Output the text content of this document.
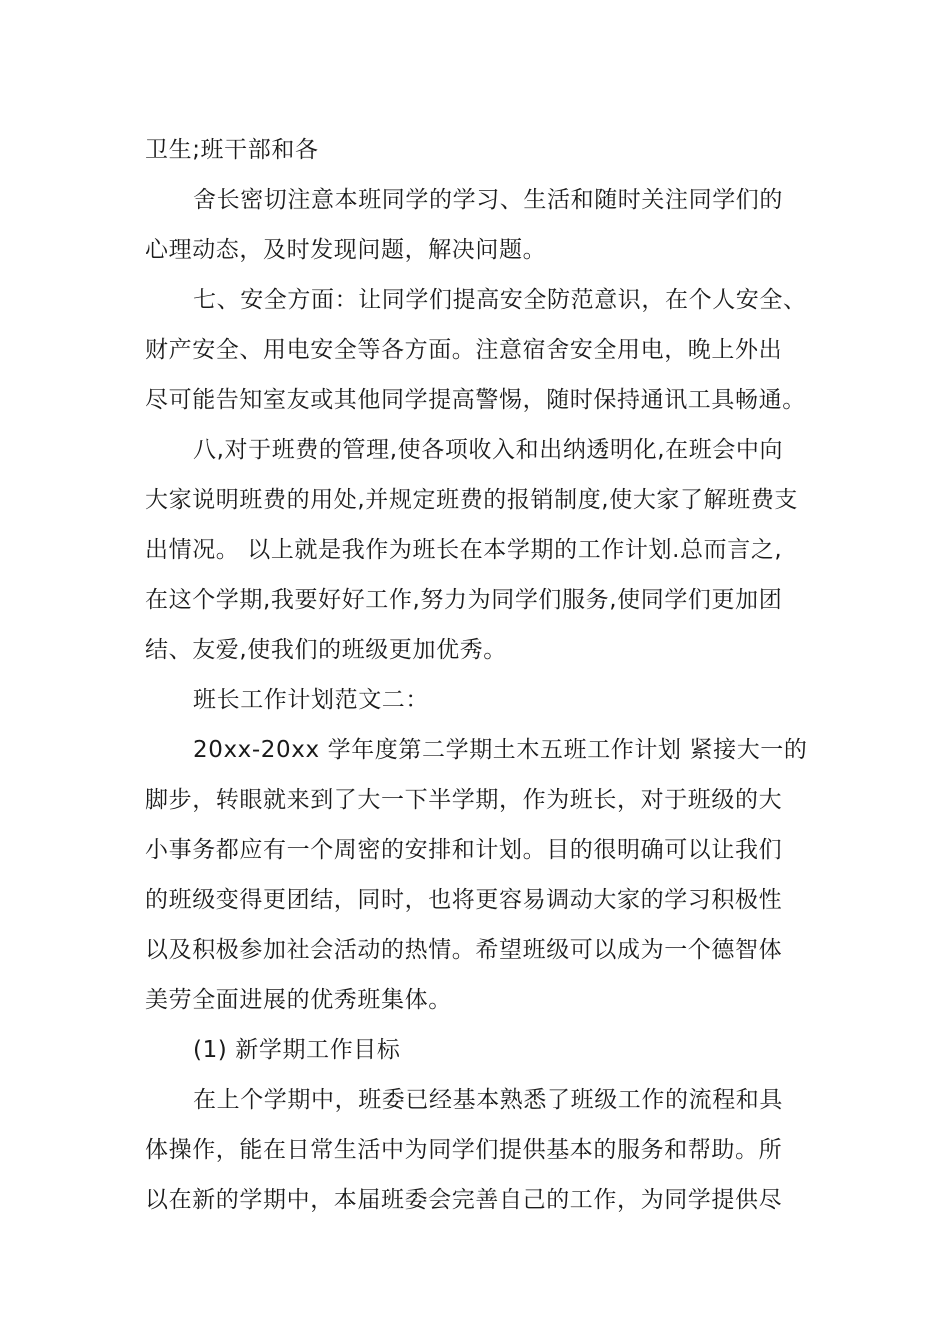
卫生;班干部和各
舍长密切注意本班同学的学习、生活和随时关注同学们的
心理动态，及时发现问题，解决问题。
七、安全方面：让同学们提高安全防范意识，在个人安全、
财产安全、用电安全等各方面。注意宿舍安全用电，晚上外出
尽可能告知室友或其他同学提高警惕，随时保持通讯工具畅通。
八,对于班费的管理,使各项收入和出纳透明化,在班会中向
大家说明班费的用处,并规定班费的报销制度,使大家了解班费支
出情况。 以上就是我作为班长在本学期的工作计划.总而言之,
在这个学期,我要好好工作,努力为同学们服务,使同学们更加团
结、友爱,使我们的班级更加优秀。
班长工作计划范文二：
20xx-20xx 学年度第二学期土木五班工作计划 紧接大一的
脚步，转眼就来到了大一下半学期，作为班长，对于班级的大
小事务都应有一个周密的安排和计划。目的很明确可以让我们
的班级变得更团结，同时，也将更容易调动大家的学习积极性
以及积极参加社会活动的热情。希望班级可以成为一个德智体
美劳全面进展的优秀班集体。
(1) 新学期工作目标
在上个学期中，班委已经基本熟悉了班级工作的流程和具
体操作，能在日常生活中为同学们提供基本的服务和帮助。所
以在新的学期中，本届班委会完善自己的工作，为同学提供尽
